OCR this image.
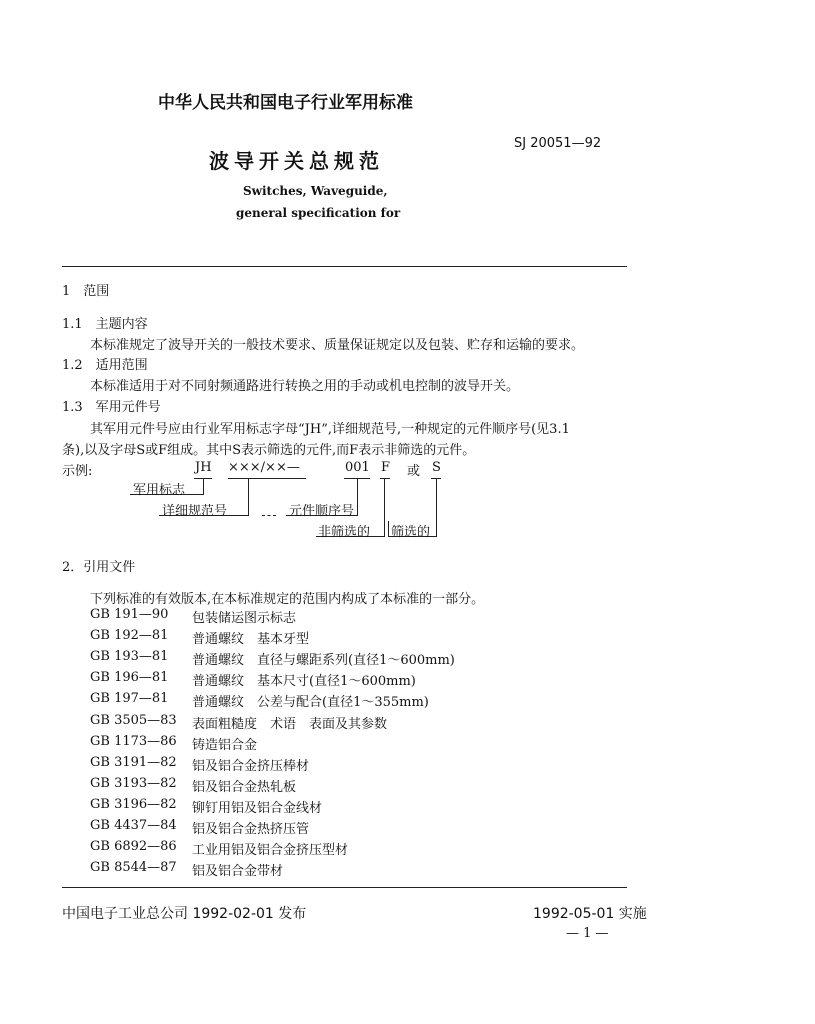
中华人民共和国电子行业军用标准
波导开关总规范
SJ 20051—92
Switches, Waveguide,
general specification for
1　范围
1.1　主题内容
本标准规定了波导开关的一般技术要求、质量保证规定以及包装、贮存和运输的要求。
1.2　适用范围
本标准适用于对不同射频通路进行转换之用的手动或机电控制的波导开关。
1.3　军用元件号
其军用元件号应由行业军用标志字母“JH”,详细规范号,一种规定的元件顺序号(见3.1
条),以及字母S或F组成。其中S表示筛选的元件,而F表示非筛选的元件。
示例:	JH ×××/××—	001 F 或 S
军用标志
详细规范号	元件顺序号
非筛选的 筛选的
2．引用文件
下列标准的有效版本,在本标准规定的范围内构成了本标准的一部分。
GB 191—90 包装储运图示标志
GB 192—81 普通螺纹　基本牙型
GB 193—81 普通螺纹　直径与螺距系列(直径1～600mm)
GB 196—81 普通螺纹　基本尺寸(直径1～600mm)
GB 197—81 普通螺纹　公差与配合(直径1～355mm)
GB 3505—83 表面粗糙度　术语　表面及其参数
GB 1173—86 铸造铝合金
GB 3191—82 铝及铝合金挤压棒材
GB 3193—82 铝及铝合金热轧板
GB 3196—82 铆钉用铝及铝合金线材
GB 4437—84 铝及铝合金热挤压管
GB 6892—86 工业用铝及铝合金挤压型材
GB 8544—87 铝及铝合金带材
中国电子工业总公司 1992-02-01 发布	1992-05-01 实施
— 1 —
